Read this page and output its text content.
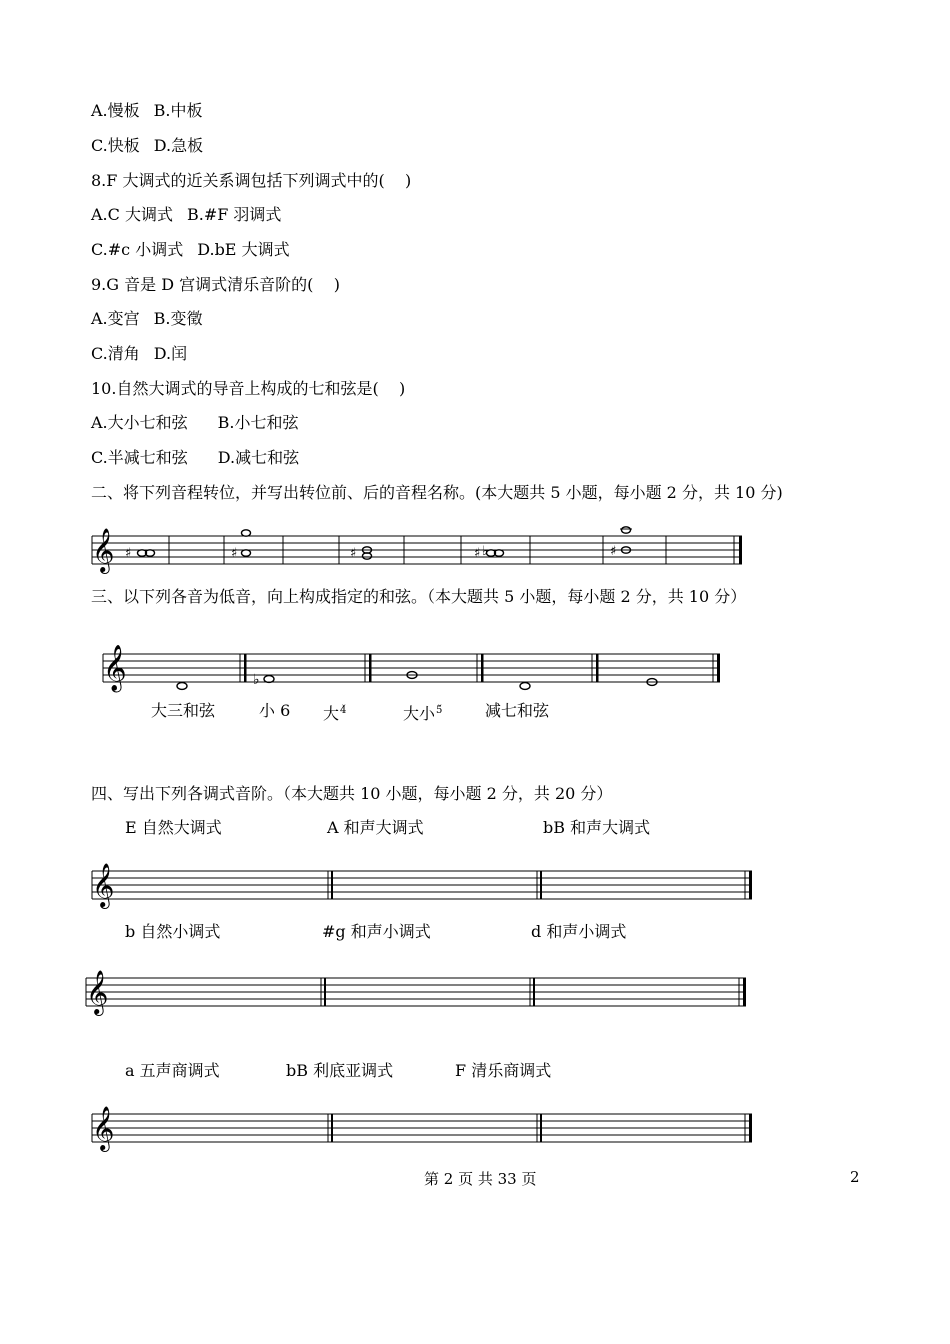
A.慢板 B.中板
C.快板 D.急板
8.F 大调式的近关系调包括下列调式中的(    )
A.C 大调式 B.#F 羽调式
C.#c 小调式 D.bE 大调式
9.G 音是 D 宫调式清乐音阶的(    )
A.变宫 B.变徵
C.清角 D.闰
10.自然大调式的导音上构成的七和弦是(    )
A.大小七和弦 B.小七和弦
C.半减七和弦 D.减七和弦
二、将下列音程转位，并写出转位前、后的音程名称。(本大题共 5 小题，每小题 2 分，共 10 分)
𝄞 ♯	♯	♯	♯ ♭	♯
三、以下列各音为低音，向上构成指定的和弦。（本大题共 5 小题，每小题 2 分，共 10 分）
𝄞	♭
大三和弦	小 6 大$^{4̌}$	大小$^{5̌}$	减七和弦
四、写出下列各调式音阶。（本大题共 10 小题，每小题 2 分，共 20 分）
E 自然大调式	A 和声大调式	bB 和声大调式
𝄞
b 自然小调式	#g 和声小调式	d 和声小调式
𝄞
a 五声商调式	bB 利底亚调式	F 清乐商调式
𝄞
第 2 页 共 33 页	2
